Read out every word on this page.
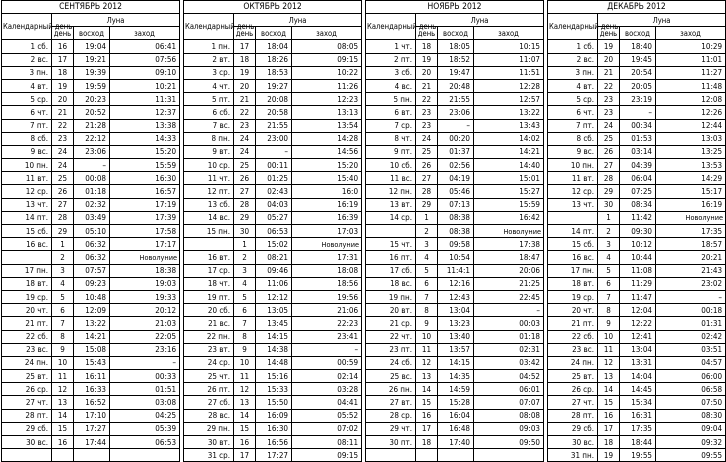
СЕНТЯБРЬ 2012			
Календарный день	Луна		
	день	восход	заход
1 сб.	16	19:04	06:41
2 вс.	17	19:21	07:56
3 пн.	18	19:39	09:10
4 вт.	19	19:59	10:21
5 ср.	20	20:23	11:31
6 чт.	21	20:52	12:37
7 пт.	22	21:28	13:38
8 сб.	23	22:12	14:33
9 вс.	24	23:06	15:20
10 пн.	24	–	15:59
11 вт.	25	00:08	16:30
12 ср.	26	01:18	16:57
13 чт.	27	02:32	17:19
14 пт.	28	03:49	17:39
15 сб.	29	05:10	17:58
16 вс.	1	06:32	17:17
	2	06:32	Новолуние
17 пн.	3	07:57	18:38
18 вт.	4	09:23	19:03
19 ср.	5	10:48	19:33
20 чт.	6	12:09	20:12
21 пт.	7	13:22	21:03
22 сб.	8	14:21	22:05
23 вс.	9	15:08	23:16
24 пн.	10	15:43	–
25 вт.	11	16:11	00:33
26 ср.	12	16:33	01:51
27 чт.	13	16:52	03:08
28 пт.	14	17:10	04:25
29 сб.	15	17:27	05:39
30 вс.	16	17:44	06:53

ОКТЯБРЬ 2012			
Календарный день	Луна		
	день	восход	заход
1 пн.	17	18:04	08:05
2 вт.	18	18:26	09:15
3 ср.	19	18:53	10:22
4 чт.	20	19:27	11:26
5 пт.	21	20:08	12:23
6 сб.	22	20:58	13:13
7 вс.	23	21:55	13:54
8 пн.	24	23:00	14:28
9 вт.	24	–	14:56
10 ср.	25	00:11	15:20
11 чт.	26	01:25	15:40
12 пт.	27	02:43	16:0
13 сб.	28	04:03	16:19
14 вс.	29	05:27	16:39
15 пн.	30	06:53	17:03
	1	15:02	Новолуние
16 вт.	2	08:21	17:31
17 ср.	3	09:46	18:08
18 чт.	4	11:06	18:56
19 пт.	5	12:12	19:56
20 сб.	6	13:05	21:06
21 вс.	7	13:45	22:23
22 пн.	8	14:15	23:41
23 вт.	9	14:38	–
24 ср.	10	14:48	00:59
25 чт.	11	15:16	02:14
26 пт.	12	15:33	03:28
27 сб.	13	15:50	04:41
28 вс.	14	16:09	05:52
29 пн.	15	16:30	07:02
30 вт.	16	16:56	08:11
31 ср.	17	17:27	09:15
НОЯБРЬ 2012			
Календарный день	Луна		
	день	восход	заход
1 чт.	18	18:05	10:15
2 пт.	19	18:52	11:07
3 сб.	20	19:47	11:51
4 вс.	21	20:48	12:28
5 пн.	22	21:55	12:57
6 вт.	23	23:06	13:22
7 ср.	23	–	13:43
8 чт.	24	00:20	14:02
9 пт.	25	01:37	14:21
10 сб.	26	02:56	14:40
11 вс.	27	04:19	15:01
12 пн.	28	05:46	15:27
13 вт.	29	07:13	15:59
14 ср.	1	08:38	16:42
	2	08:38	Новолуние
15 чт.	3	09:58	17:38
16 пт.	4	10:54	18:47
17 сб.	5	11:4:1	20:06
18 вс.	6	12:16	21:25
19 пн.	7	12:43	22:45
20 вт.	8	13:04	–
21 ср.	9	13:23	00:03
22 чт.	10	13:40	01:18
23 пт.	11	13:57	02:31
24 сб.	12	14:15	03:42
25 вс.	13	14:35	04:52
26 пн.	14	14:59	06:01
27 вт.	15	15:28	07:07
28 ср.	16	16:04	08:08
29 чт.	17	16:48	09:03
30 пт.	18	17:40	09:50

ДЕКАБРЬ 2012			
Календарный день	Луна		
	день	восход	заход
1 сб.	19	18:40	10:29
2 вс.	20	19:45	11:01
3 пн.	21	20:54	11:27
4 вт.	22	20:05	11:48
5 ср.	23	23:19	12:08
6 чт.	23	–	12:26
7 пт.	24	00:34	12:44
8 сб.	25	01:53	13:03
9 вс.	26	03:14	13:25
10 пн.	27	04:39	13:53
11 вт.	28	06:04	14:29
12 ср.	29	07:25	15:17
13 чт.	30	08:34	16:19
	1	11:42	Новолуние
14 пт.	2	09:30	17:35
15 сб.	3	10:12	18:57
16 вс.	4	10:44	20:21
17 пн.	5	11:08	21:43
18 вт.	6	11:29	23:02
19 ср.	7	11:47	–
20 чт.	8	12:04	00:18
21 пт.	9	12:22	01:31
22 сб.	10	12:41	02:42
23 вс.	11	13:04	03:51
24 пн.	12	13:31	04:57
25 вт.	13	14:04	06:00
26 ср.	14	14:45	06:58
27 чт.	15	15:34	07:50
28 пт.	16	16:31	08:30
29 сб.	17	17:35	09:04
30 вс.	18	18:44	09:32
31 пн.	19	19:55	09:55
